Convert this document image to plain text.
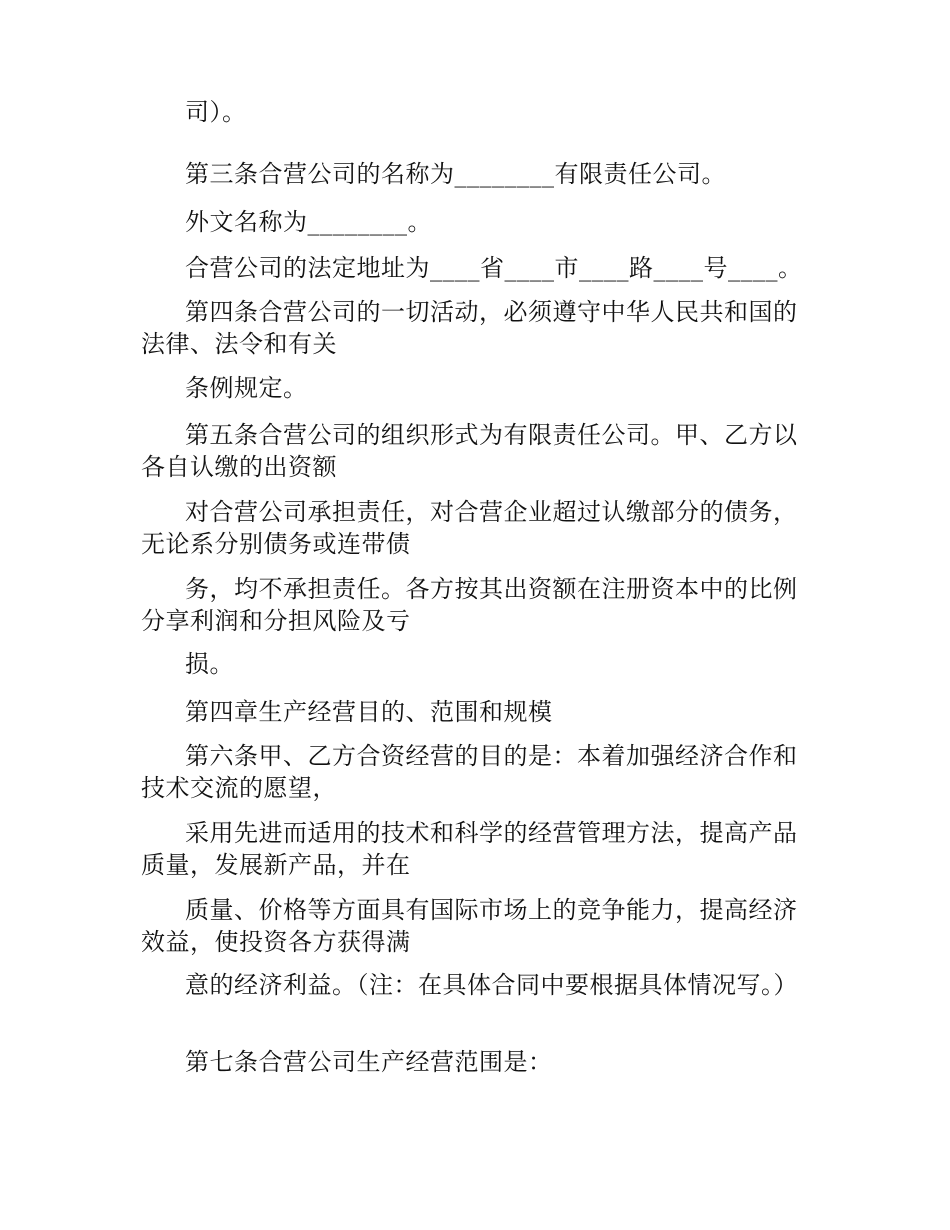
司）。

第三条合营公司的名称为________有限责任公司。

外文名称为________。

合营公司的法定地址为____省____市____路____号____。

第四条合营公司的一切活动，必须遵守中华人民共和国的法律、法令和有关

条例规定。

第五条合营公司的组织形式为有限责任公司。甲、乙方以各自认缴的出资额

对合营公司承担责任，对合营企业超过认缴部分的债务，无论系分别债务或连带债

务，均不承担责任。各方按其出资额在注册资本中的比例分享利润和分担风险及亏

损。

第四章生产经营目的、范围和规模

第六条甲、乙方合资经营的目的是：本着加强经济合作和技术交流的愿望，

采用先进而适用的技术和科学的经营管理方法，提高产品质量，发展新产品，并在

质量、价格等方面具有国际市场上的竞争能力，提高经济效益，使投资各方获得满

意的经济利益。（注：在具体合同中要根据具体情况写。）

第七条合营公司生产经营范围是：
